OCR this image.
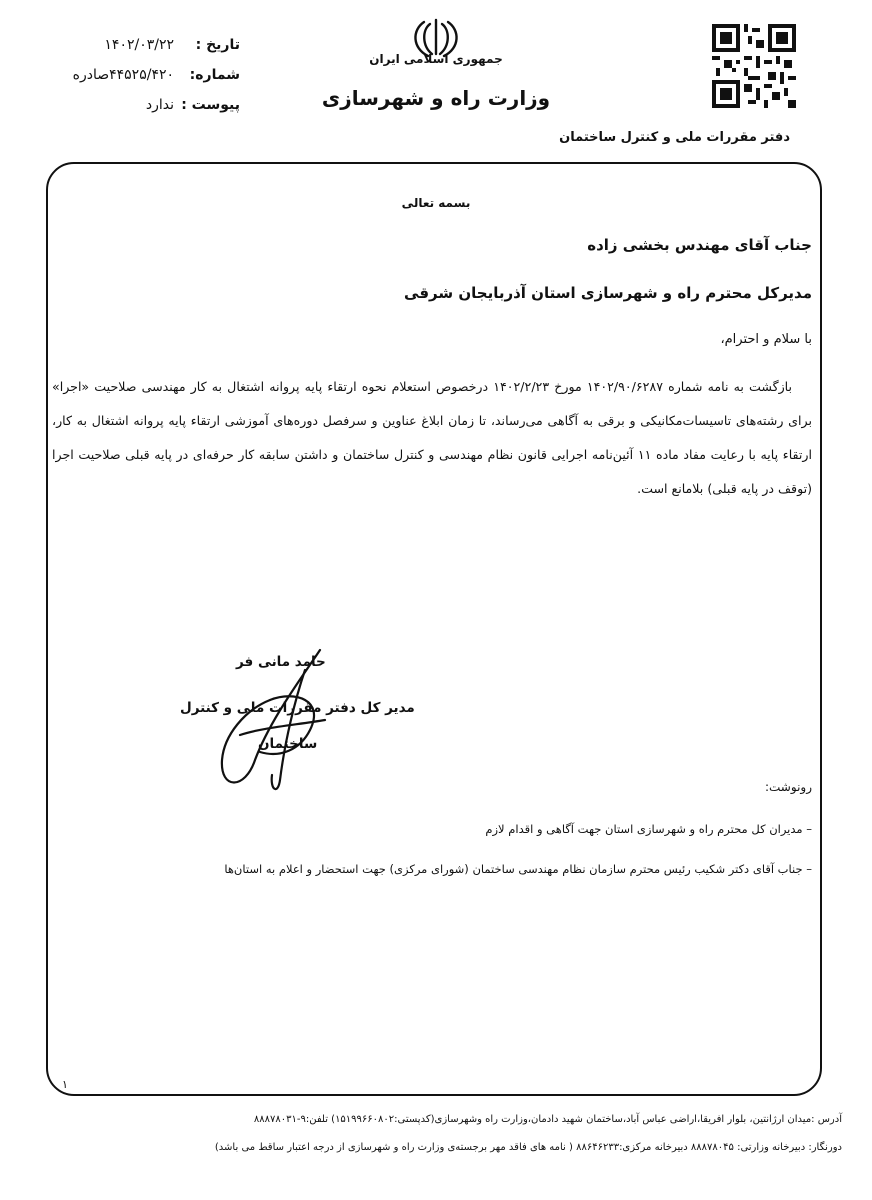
تاریخ :
۱۴۰۲/۰۳/۲۲
شماره:
۴۴۵۲۵/۴۲۰صادره
پیوست :
ندارد
جمهوری اسلامی ایران
وزارت راه و شهرسازی
دفتر مقررات ملی و کنترل ساختمان
بسمه تعالی
جناب آقای مهندس بخشی زاده
مدیرکل محترم راه و شهرسازی استان آذربایجان شرقی
با سلام و احترام،
بازگشت به نامه شماره ۱۴۰۲/۹۰/۶۲۸۷ مورخ ۱۴۰۲/۲/۲۳ درخصوص استعلام نحوه ارتقاء پایه پروانه اشتغال به کار مهندسی صلاحیت «اجرا» برای رشته‌های تاسیسات‌مکانیکی و برقی به آگاهی می‌رساند، تا زمان ابلاغ عناوین و سرفصل دوره‌های آموزشی ارتقاء پایه پروانه اشتغال به کار، ارتقاء پایه با رعایت مفاد ماده ۱۱ آئین‌نامه اجرایی قانون نظام مهندسی و کنترل ساختمان و داشتن سابقه کار حرفه‌ای در پایه قبلی صلاحیت اجرا (توقف در پایه قبلی) بلامانع است.
حامد مانی فر
مدیر کل دفتر مقررات ملی و کنترل
ساختمان
رونوشت:
– مدیران کل محترم راه و شهرسازی استان جهت آگاهی و اقدام لازم
– جناب آقای دکتر شکیب رئیس محترم سازمان نظام مهندسی ساختمان (شورای مرکزی) جهت استحضار و اعلام به استان‌ها
۱
آدرس :میدان ارژانتین، بلوار افریقا،اراضی عباس آباد،ساختمان شهید دادمان،وزارت راه وشهرسازی(کدپستی:۱۵۱۹۹۶۶۰۸۰۲) تلفن:۹-۸۸۸۷۸۰۳۱
دورنگار: دبیرخانه وزارتی: ۸۸۸۷۸۰۴۵ دبیرخانه مرکزی:۸۸۶۴۶۲۳۳ ( نامه های فاقد مهر برجسته‌ی وزارت راه و شهرسازی از درجه اعتبار ساقط می باشد)
